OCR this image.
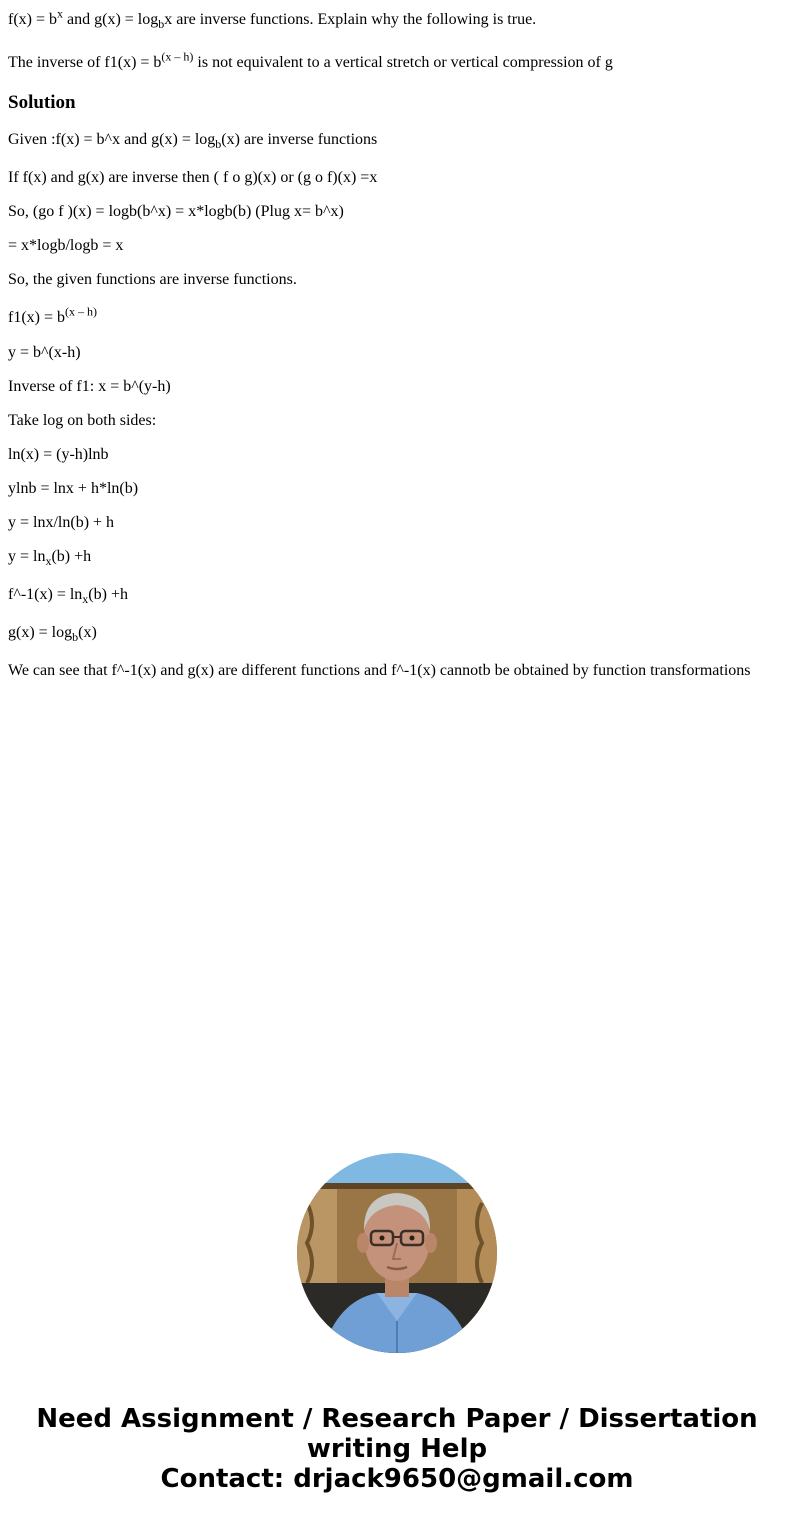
$f(x) = b^x$ and $g(x) = \log_bx$ are inverse functions. Explain why the following is true.
The inverse of $f1(x) = b^{(x - h)}$ is not equivalent to a vertical stretch or vertical compression of g
Solution
Given :f(x) = b^x and $g(x) = \log_b(x)$ are inverse functions
If f(x) and g(x) are inverse then ( f o g)(x) or (g o f)(x) =x
So, (go f )(x) = logb(b^x) = x*logb(b) (Plug x= b^x)
= x*logb/logb = x
So, the given functions are inverse functions.
$f1(x) = b^{(x - h)}$
y = b^(x-h)
Inverse of f1: x = b^(y-h)
Take log on both sides:
ln(x) = (y-h)lnb
ylnb = lnx + h*ln(b)
y = lnx/ln(b) + h
$y = \ln_x(b) +h$
f^-1(x) = $\ln_x(b) +h$
$g(x) = \log_b(x)$
We can see that f^-1(x) and g(x) are different functions and f^-1(x) cannotb be obtained by function transformations
Need Assignment / Research Paper / Dissertation
writing Help
Contact: drjack9650@gmail.com
